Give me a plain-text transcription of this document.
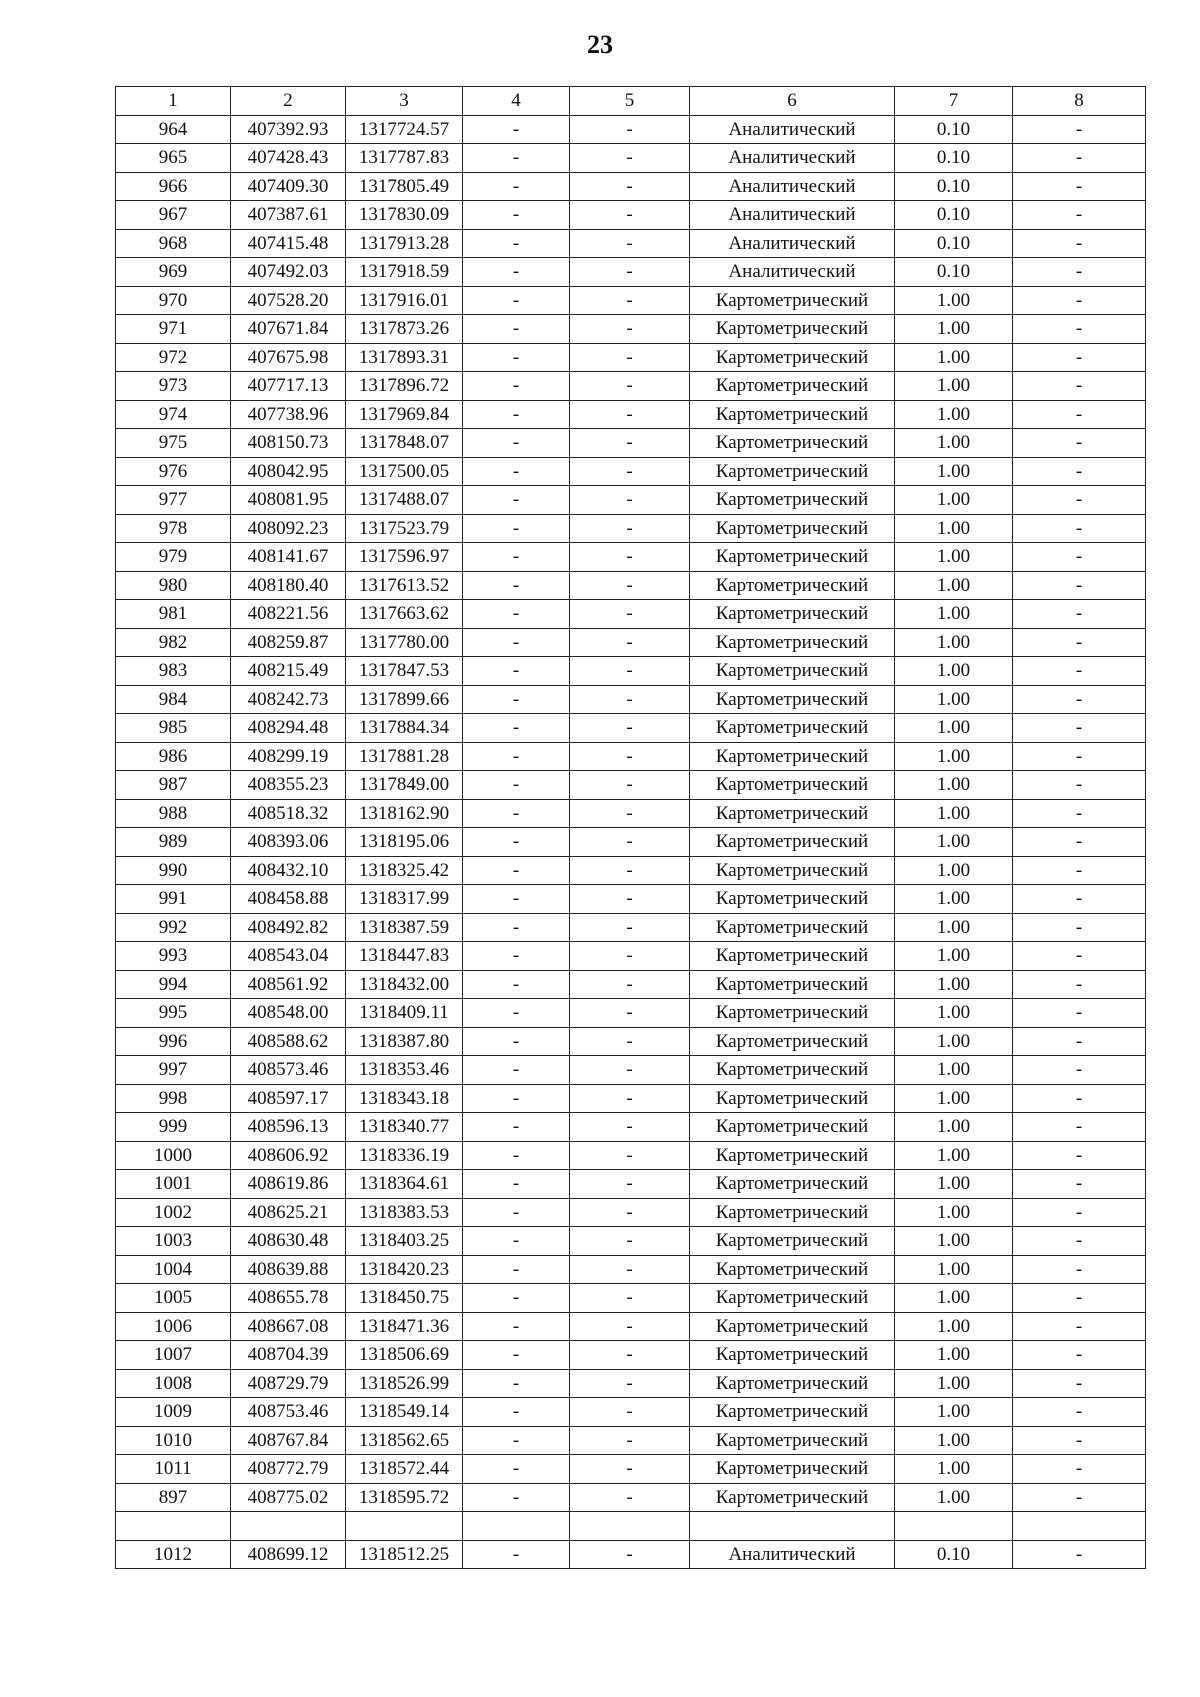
23
1	2	3	4	5	6	7	8
964	407392.93	1317724.57	-	-	Аналитический	0.10	-
965	407428.43	1317787.83	-	-	Аналитический	0.10	-
966	407409.30	1317805.49	-	-	Аналитический	0.10	-
967	407387.61	1317830.09	-	-	Аналитический	0.10	-
968	407415.48	1317913.28	-	-	Аналитический	0.10	-
969	407492.03	1317918.59	-	-	Аналитический	0.10	-
970	407528.20	1317916.01	-	-	Картометрический	1.00	-
971	407671.84	1317873.26	-	-	Картометрический	1.00	-
972	407675.98	1317893.31	-	-	Картометрический	1.00	-
973	407717.13	1317896.72	-	-	Картометрический	1.00	-
974	407738.96	1317969.84	-	-	Картометрический	1.00	-
975	408150.73	1317848.07	-	-	Картометрический	1.00	-
976	408042.95	1317500.05	-	-	Картометрический	1.00	-
977	408081.95	1317488.07	-	-	Картометрический	1.00	-
978	408092.23	1317523.79	-	-	Картометрический	1.00	-
979	408141.67	1317596.97	-	-	Картометрический	1.00	-
980	408180.40	1317613.52	-	-	Картометрический	1.00	-
981	408221.56	1317663.62	-	-	Картометрический	1.00	-
982	408259.87	1317780.00	-	-	Картометрический	1.00	-
983	408215.49	1317847.53	-	-	Картометрический	1.00	-
984	408242.73	1317899.66	-	-	Картометрический	1.00	-
985	408294.48	1317884.34	-	-	Картометрический	1.00	-
986	408299.19	1317881.28	-	-	Картометрический	1.00	-
987	408355.23	1317849.00	-	-	Картометрический	1.00	-
988	408518.32	1318162.90	-	-	Картометрический	1.00	-
989	408393.06	1318195.06	-	-	Картометрический	1.00	-
990	408432.10	1318325.42	-	-	Картометрический	1.00	-
991	408458.88	1318317.99	-	-	Картометрический	1.00	-
992	408492.82	1318387.59	-	-	Картометрический	1.00	-
993	408543.04	1318447.83	-	-	Картометрический	1.00	-
994	408561.92	1318432.00	-	-	Картометрический	1.00	-
995	408548.00	1318409.11	-	-	Картометрический	1.00	-
996	408588.62	1318387.80	-	-	Картометрический	1.00	-
997	408573.46	1318353.46	-	-	Картометрический	1.00	-
998	408597.17	1318343.18	-	-	Картометрический	1.00	-
999	408596.13	1318340.77	-	-	Картометрический	1.00	-
1000	408606.92	1318336.19	-	-	Картометрический	1.00	-
1001	408619.86	1318364.61	-	-	Картометрический	1.00	-
1002	408625.21	1318383.53	-	-	Картометрический	1.00	-
1003	408630.48	1318403.25	-	-	Картометрический	1.00	-
1004	408639.88	1318420.23	-	-	Картометрический	1.00	-
1005	408655.78	1318450.75	-	-	Картометрический	1.00	-
1006	408667.08	1318471.36	-	-	Картометрический	1.00	-
1007	408704.39	1318506.69	-	-	Картометрический	1.00	-
1008	408729.79	1318526.99	-	-	Картометрический	1.00	-
1009	408753.46	1318549.14	-	-	Картометрический	1.00	-
1010	408767.84	1318562.65	-	-	Картометрический	1.00	-
1011	408772.79	1318572.44	-	-	Картометрический	1.00	-
897	408775.02	1318595.72	-	-	Картометрический	1.00	-

1012	408699.12	1318512.25	-	-	Аналитический	0.10	-
